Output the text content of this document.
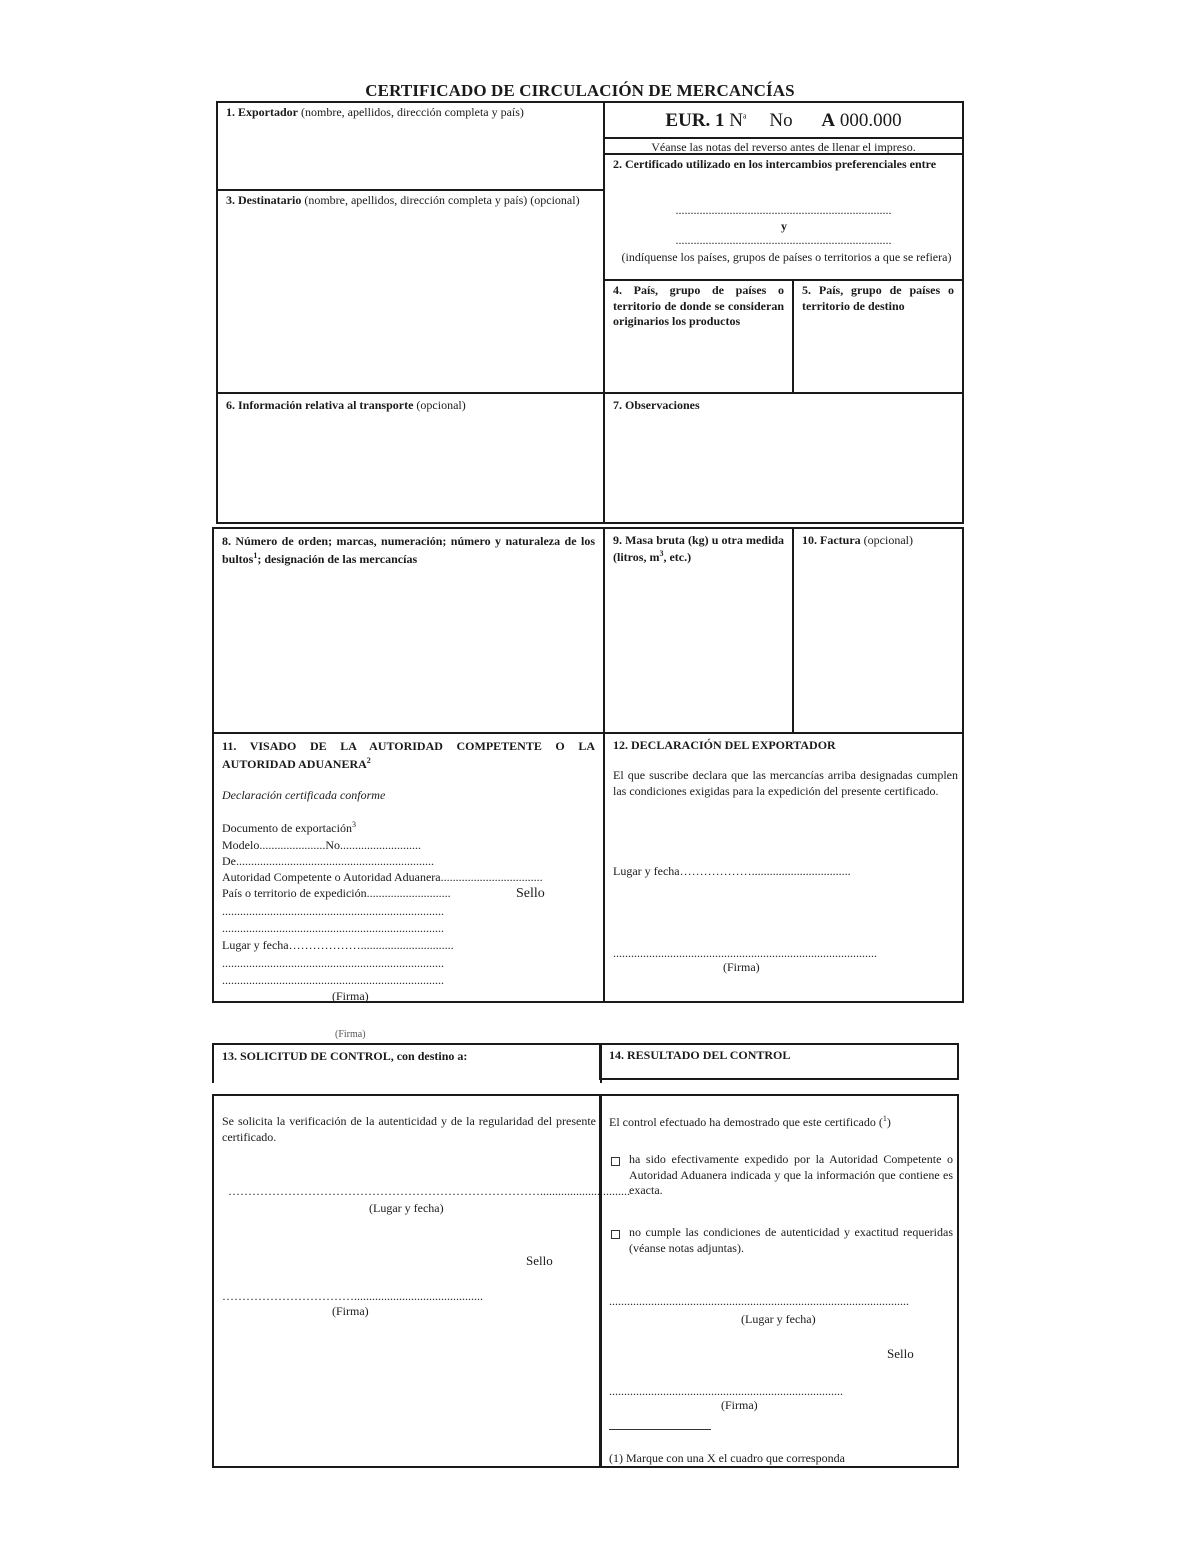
CERTIFICADO DE CIRCULACIÓN DE MERCANCÍAS
1. Exportador (nombre, apellidos, dirección completa y país)	EUR. 1 $N^a$ No A 000.000
Véanse las notas del reverso antes de llenar el impreso.
2. Certificado utilizado en los intercambios preferenciales entre
........................................................................
y
........................................................................
(indíquense los países, grupos de países o territorios a que se refiera)
3. Destinatario (nombre, apellidos, dirección completa y país) (opcional)
4. País, grupo de países o territorio de donde se consideran originarios los productos
5. País, grupo de países o territorio de destino
6. Información relativa al transporte (opcional)	7. Observaciones
8. Número de orden; marcas, numeración; número y naturaleza de los bultos$^1$; designación de las mercancías
9. Masa bruta (kg) u otra medida (litros, $m^3$, etc.)
10. Factura (opcional)
11. VISADO DE LA AUTORIDAD COMPETENTE O LA AUTORIDAD ADUANERA$^2$
Declaración certificada conforme
Documento de exportación$^3$
Modelo......................No...........................
De..................................................................
Autoridad Competente o Autoridad Aduanera..................................
País o territorio de expedición............................	Sello
..........................................................................
..........................................................................
Lugar y fecha………………...............................
..........................................................................
..........................................................................
(Firma)
12. DECLARACIÓN DEL EXPORTADOR
El que suscribe declara que las mercancías arriba designadas cumplen las condiciones exigidas para la expedición del presente certificado.
Lugar y fecha……………….................................
........................................................................................
(Firma)
(Firma)
13. SOLICITUD DE CONTROL, con destino a:	14. RESULTADO DEL CONTROL
Se solicita la verificación de la autenticidad y de la regularidad del presente certificado.
……………………………………………………………………..............................
(Lugar y fecha)
Sello
……………………………...........................................
(Firma)
El control efectuado ha demostrado que este certificado ($^1$)
ha sido efectivamente expedido por la Autoridad Competente o Autoridad Aduanera indicada y que la información que contiene es exacta.
no cumple las condiciones de autenticidad y exactitud requeridas (véanse notas adjuntas).
....................................................................................................
(Lugar y fecha)
Sello
..............................................................................
(Firma)
(1) Marque con una X el cuadro que corresponda
